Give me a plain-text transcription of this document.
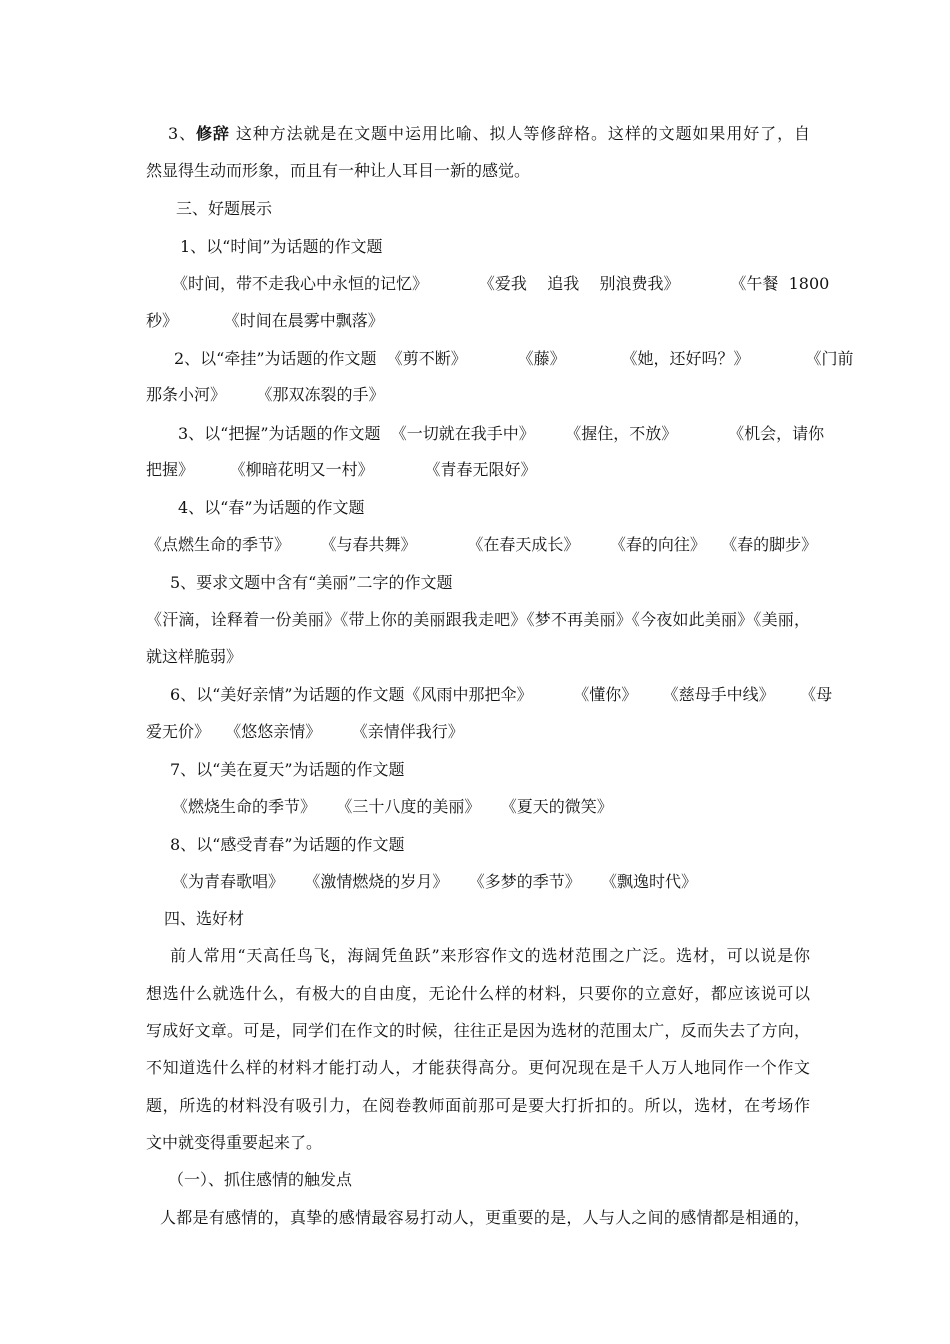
3、修辞 这种方法就是在文题中运用比喻、拟人等修辞格。这样的文题如果用好了，自
然显得生动而形象，而且有一种让人耳目一新的感觉。
三、好题展示
1、以“时间”为话题的作文题
《时间，带不走我心中永恒的记忆》          《爱我    追我    别浪费我》          《午餐  1800
秒》         《时间在晨雾中飘落》
2、以“牵挂”为话题的作文题  《剪不断》          《藤》           《她，还好吗？》           《门前
那条小河》      《那双冻裂的手》
3、以“把握”为话题的作文题  《一切就在我手中》      《握住，不放》          《机会，请你
把握》       《柳暗花明又一村》          《青春无限好》
4、以“春”为话题的作文题
《点燃生命的季节》      《与春共舞》          《在春天成长》      《春的向往》   《春的脚步》
5、要求文题中含有“美丽”二字的作文题
《汗滴，诠释着一份美丽》《带上你的美丽跟我走吧》《梦不再美丽》《今夜如此美丽》《美丽，
就这样脆弱》
6、以“美好亲情”为话题的作文题《风雨中那把伞》        《懂你》     《慈母手中线》     《母
爱无价》   《悠悠亲情》      《亲情伴我行》
7、以“美在夏天”为话题的作文题
《燃烧生命的季节》    《三十八度的美丽》    《夏天的微笑》
8、以“感受青春”为话题的作文题
《为青春歌唱》    《激情燃烧的岁月》    《多梦的季节》    《飘逸时代》
四、选好材
前人常用“天高任鸟飞，海阔凭鱼跃”来形容作文的选材范围之广泛。选材，可以说是你
想选什么就选什么，有极大的自由度，无论什么样的材料，只要你的立意好，都应该说可以
写成好文章。可是，同学们在作文的时候，往往正是因为选材的范围太广，反而失去了方向，
不知道选什么样的材料才能打动人，才能获得高分。更何况现在是千人万人地同作一个作文
题，所选的材料没有吸引力，在阅卷教师面前那可是要大打折扣的。所以，选材，在考场作
文中就变得重要起来了。
（一）、抓住感情的触发点
人都是有感情的，真挚的感情最容易打动人，更重要的是，人与人之间的感情都是相通的，
